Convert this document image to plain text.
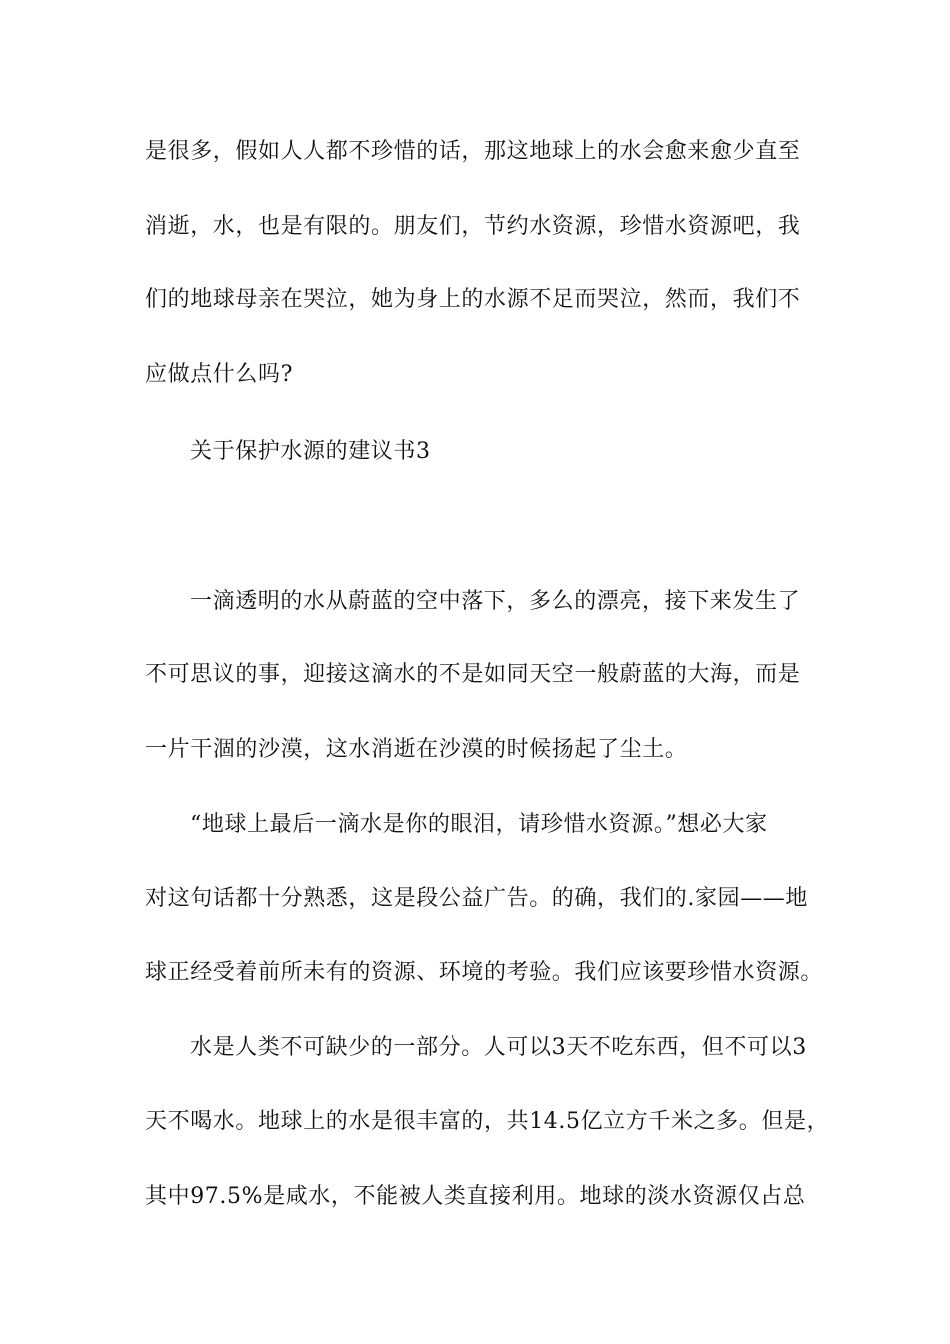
是很多，假如人人都不珍惜的话，那这地球上的水会愈来愈少直至
消逝，水，也是有限的。朋友们，节约水资源，珍惜水资源吧，我
们的地球母亲在哭泣，她为身上的水源不足而哭泣，然而，我们不
应做点什么吗?
关于保护水源的建议书3
一滴透明的水从蔚蓝的空中落下，多么的漂亮，接下来发生了
不可思议的事，迎接这滴水的不是如同天空一般蔚蓝的大海，而是
一片干涸的沙漠，这水消逝在沙漠的时候扬起了尘土。
“地球上最后一滴水是你的眼泪，请珍惜水资源。”想必大家
对这句话都十分熟悉，这是段公益广告。的确，我们的.家园——地
球正经受着前所未有的资源、环境的考验。我们应该要珍惜水资源。
水是人类不可缺少的一部分。人可以3天不吃东西，但不可以3
天不喝水。地球上的水是很丰富的，共14.5亿立方千米之多。但是，
其中97.5%是咸水，不能被人类直接利用。地球的淡水资源仅占总
